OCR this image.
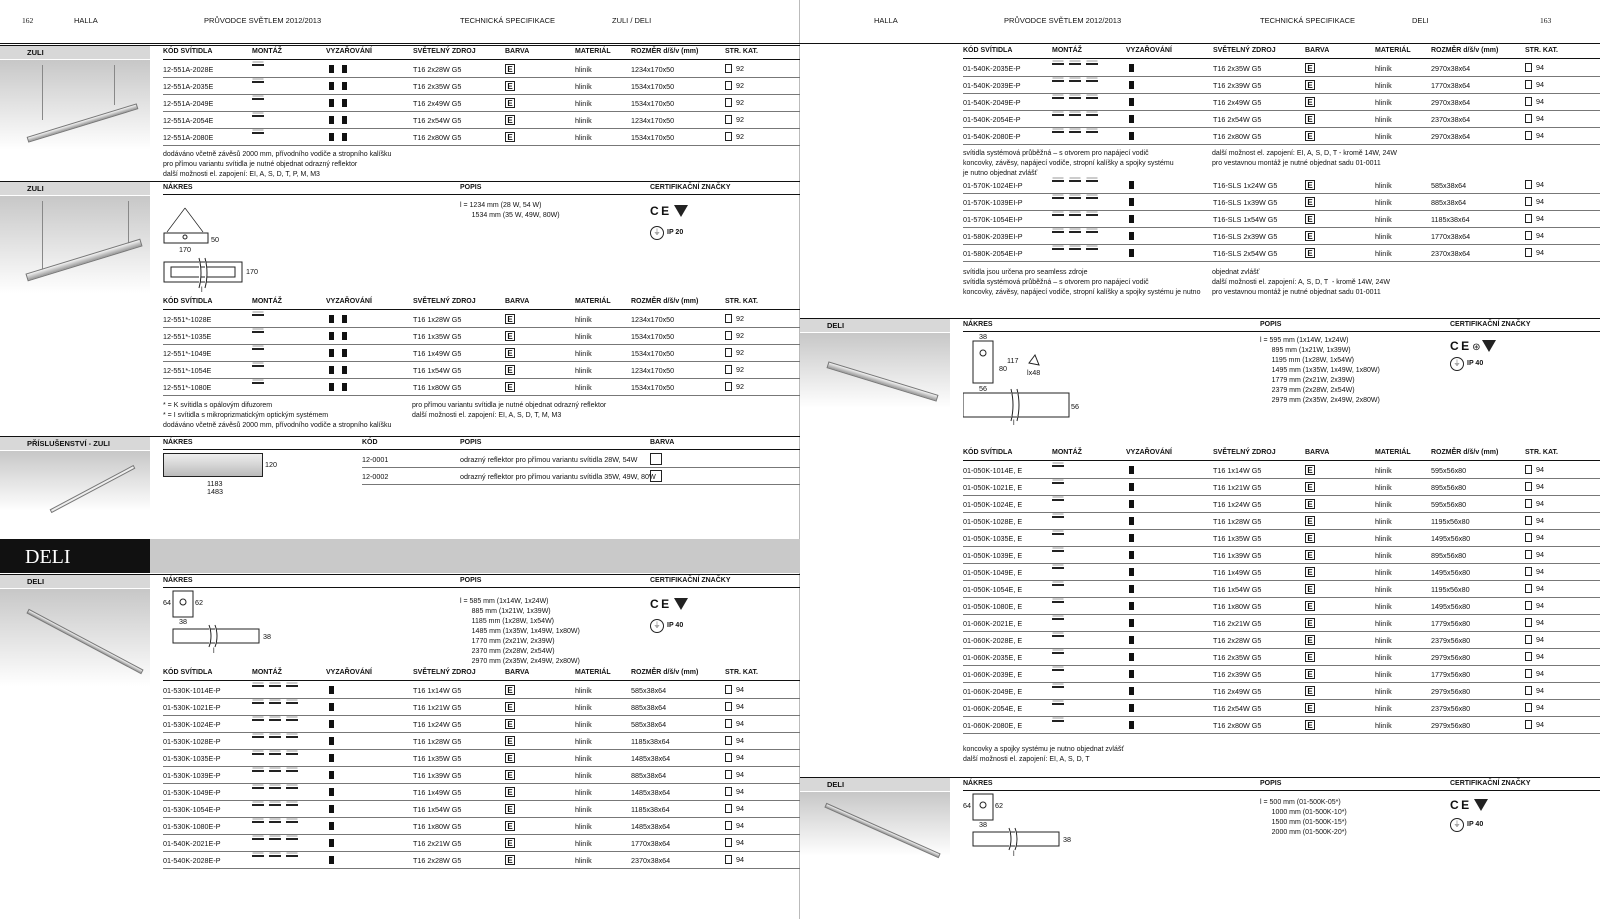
162	HALLA	PRŮVODCE SVĚTLEM 2012/2013	TECHNICKÁ SPECIFIKACE	ZULI / DELI
ZULI	KÓD SVÍTIDLA	MONTÁŽ	VYZAŘOVÁNÍ	SVĚTELNÝ ZDROJ	BARVA	MATERIÁL	ROZMĚR d/š/v (mm)	STR. KAT.
12-551A-2028E	T16 2x28W G5	E	hliník	1234x170x50	92
12-551A-2035E	T16 2x35W G5	E	hliník	1534x170x50	92
12-551A-2049E	T16 2x49W G5	E	hliník	1534x170x50	92
12-551A-2054E	T16 2x54W G5	E	hliník	1234x170x50	92
12-551A-2080E	T16 2x80W G5	E	hliník	1534x170x50	92
dodáváno včetně závěsů 2000 mm, přívodního vodiče a stropního kalíšku
pro přímou variantu svítidla je nutné objednat odrazný reflektor
další možnosti el. zapojení: EI, A, S, D, T, P, M, M3
ZULI	NÁKRES	POPIS	CERTIFIKAČNÍ ZNAČKY
170
50
170
l
l = 1234 mm (28 W, 54 W)
1534 mm (35 W, 49W, 80W)	C E
⏚ IP 20
KÓD SVÍTIDLA	MONTÁŽ	VYZAŘOVÁNÍ	SVĚTELNÝ ZDROJ	BARVA	MATERIÁL	ROZMĚR d/š/v (mm)	STR. KAT.
12-551*-1028E	T16 1x28W G5	E	hliník	1234x170x50	92
12-551*-1035E	T16 1x35W G5	E	hliník	1534x170x50	92
12-551*-1049E	T16 1x49W G5	E	hliník	1534x170x50	92
12-551*-1054E	T16 1x54W G5	E	hliník	1234x170x50	92
12-551*-1080E	T16 1x80W G5	E	hliník	1534x170x50	92
* = K svítidla s opálovým difuzorem
* = I svítidla s mikroprizmatickým optickým systémem
dodáváno včetně závěsů 2000 mm, přívodního vodiče a stropního kalíšku
pro přímou variantu svítidla je nutné objednat odrazný reflektor
další možnosti el. zapojení: EI, A, S, D, T, M, M3
PŘÍSLUŠENSTVÍ - ZULI	NÁKRES	KÓD	POPIS	BARVA
120
1183
1483
12-0001	odrazný reflektor pro přímou variantu svítidla 28W, 54W
12-0002	odrazný reflektor pro přímou variantu svítidla 35W, 49W, 80W
DELI
DELI	NÁKRES	POPIS	CERTIFIKAČNÍ ZNAČKY
64	62
38
38
l
l = 585 mm (1x14W, 1x24W)
885 mm (1x21W, 1x39W)
1185 mm (1x28W, 1x54W)
1485 mm (1x35W, 1x49W, 1x80W)
1770 mm (2x21W, 2x39W)
2370 mm (2x28W, 2x54W)
2970 mm (2x35W, 2x49W, 2x80W)
C E
⏚ IP 40
KÓD SVÍTIDLA	MONTÁŽ	VYZAŘOVÁNÍ	SVĚTELNÝ ZDROJ	BARVA	MATERIÁL	ROZMĚR d/š/v (mm)	STR. KAT.
01-530K-1014E-P	T16 1x14W G5	E	hliník	585x38x64	94
01-530K-1021E-P	T16 1x21W G5	E	hliník	885x38x64	94
01-530K-1024E-P	T16 1x24W G5	E	hliník	585x38x64	94
01-530K-1028E-P	T16 1x28W G5	E	hliník	1185x38x64	94
01-530K-1035E-P	T16 1x35W G5	E	hliník	1485x38x64	94
01-530K-1039E-P	T16 1x39W G5	E	hliník	885x38x64	94
01-530K-1049E-P	T16 1x49W G5	E	hliník	1485x38x64	94
01-530K-1054E-P	T16 1x54W G5	E	hliník	1185x38x64	94
01-530K-1080E-P	T16 1x80W G5	E	hliník	1485x38x64	94
01-540K-2021E-P	T16 2x21W G5	E	hliník	1770x38x64	94
01-540K-2028E-P	T16 2x28W G5	E	hliník	2370x38x64	94
HALLA	PRŮVODCE SVĚTLEM 2012/2013	TECHNICKÁ SPECIFIKACE	DELI	163
KÓD SVÍTIDLA	MONTÁŽ	VYZAŘOVÁNÍ	SVĚTELNÝ ZDROJ	BARVA	MATERIÁL	ROZMĚR d/š/v (mm)	STR. KAT.
01-540K-2035E-P	T16 2x35W G5	E	hliník	2970x38x64	94
01-540K-2039E-P	T16 2x39W G5	E	hliník	1770x38x64	94
01-540K-2049E-P	T16 2x49W G5	E	hliník	2970x38x64	94
01-540K-2054E-P	T16 2x54W G5	E	hliník	2370x38x64	94
01-540K-2080E-P	T16 2x80W G5	E	hliník	2970x38x64	94
svítidla systémová průběžná – s otvorem pro napájecí vodič
koncovky, závěsy, napájecí vodiče, stropní kalíšky a spojky systému
je nutno objednat zvlášť
další možnost el. zapojení: EI, A, S, D, T - kromě 14W, 24W
pro vestavnou montáž je nutné objednat sadu 01-0011
01-570K-1024EI-P	T16-SLS 1x24W G5	E	hliník	585x38x64	94
01-570K-1039EI-P	T16-SLS 1x39W G5	E	hliník	885x38x64	94
01-570K-1054EI-P	T16-SLS 1x54W G5	E	hliník	1185x38x64	94
01-580K-2039EI-P	T16-SLS 2x39W G5	E	hliník	1770x38x64	94
01-580K-2054EI-P	T16-SLS 2x54W G5	E	hliník	2370x38x64	94
svítidla jsou určena pro seamless zdroje
svítidla systémová průběžná – s otvorem pro napájecí vodič
koncovky, závěsy, napájecí vodiče, stropní kalíšky a spojky systému je nutno
objednat zvlášť
další možnosti el. zapojení: A, S, D, T  - kromě 14W, 24W
pro vestavnou montáž je nutné objednat sadu 01-0011
DELI	NÁKRES	POPIS	CERTIFIKAČNÍ ZNAČKY
38
117
80
56
lx48
56
l
l = 595 mm (1x14W, 1x24W)
895 mm (1x21W, 1x39W)
1195 mm (1x28W, 1x54W)
1495 mm (1x35W, 1x49W, 1x80W)
1779 mm (2x21W, 2x39W)
2379 mm (2x28W, 2x54W)
2979 mm (2x35W, 2x49W, 2x80W)
C E ⊛
⏚ IP 40
KÓD SVÍTIDLA	MONTÁŽ	VYZAŘOVÁNÍ	SVĚTELNÝ ZDROJ	BARVA	MATERIÁL	ROZMĚR d/š/v (mm)	STR. KAT.
01-050K-1014E, E	T16 1x14W G5	E	hliník	595x56x80	94
01-050K-1021E, E	T16 1x21W G5	E	hliník	895x56x80	94
01-050K-1024E, E	T16 1x24W G5	E	hliník	595x56x80	94
01-050K-1028E, E	T16 1x28W G5	E	hliník	1195x56x80	94
01-050K-1035E, E	T16 1x35W G5	E	hliník	1495x56x80	94
01-050K-1039E, E	T16 1x39W G5	E	hliník	895x56x80	94
01-050K-1049E, E	T16 1x49W G5	E	hliník	1495x56x80	94
01-050K-1054E, E	T16 1x54W G5	E	hliník	1195x56x80	94
01-050K-1080E, E	T16 1x80W G5	E	hliník	1495x56x80	94
01-060K-2021E, E	T16 2x21W G5	E	hliník	1779x56x80	94
01-060K-2028E, E	T16 2x28W G5	E	hliník	2379x56x80	94
01-060K-2035E, E	T16 2x35W G5	E	hliník	2979x56x80	94
01-060K-2039E, E	T16 2x39W G5	E	hliník	1779x56x80	94
01-060K-2049E, E	T16 2x49W G5	E	hliník	2979x56x80	94
01-060K-2054E, E	T16 2x54W G5	E	hliník	2379x56x80	94
01-060K-2080E, E	T16 2x80W G5	E	hliník	2979x56x80	94
koncovky a spojky systému je nutno objednat zvlášť
další možnosti el. zapojení: EI, A, S, D, T
DELI	NÁKRES	POPIS	CERTIFIKAČNÍ ZNAČKY
64	62
38
38
l
l = 500 mm (01-500K-05*)
1000 mm (01-500K-10*)
1500 mm (01-500K-15*)
2000 mm (01-500K-20*)
C E
⏚ IP 40
